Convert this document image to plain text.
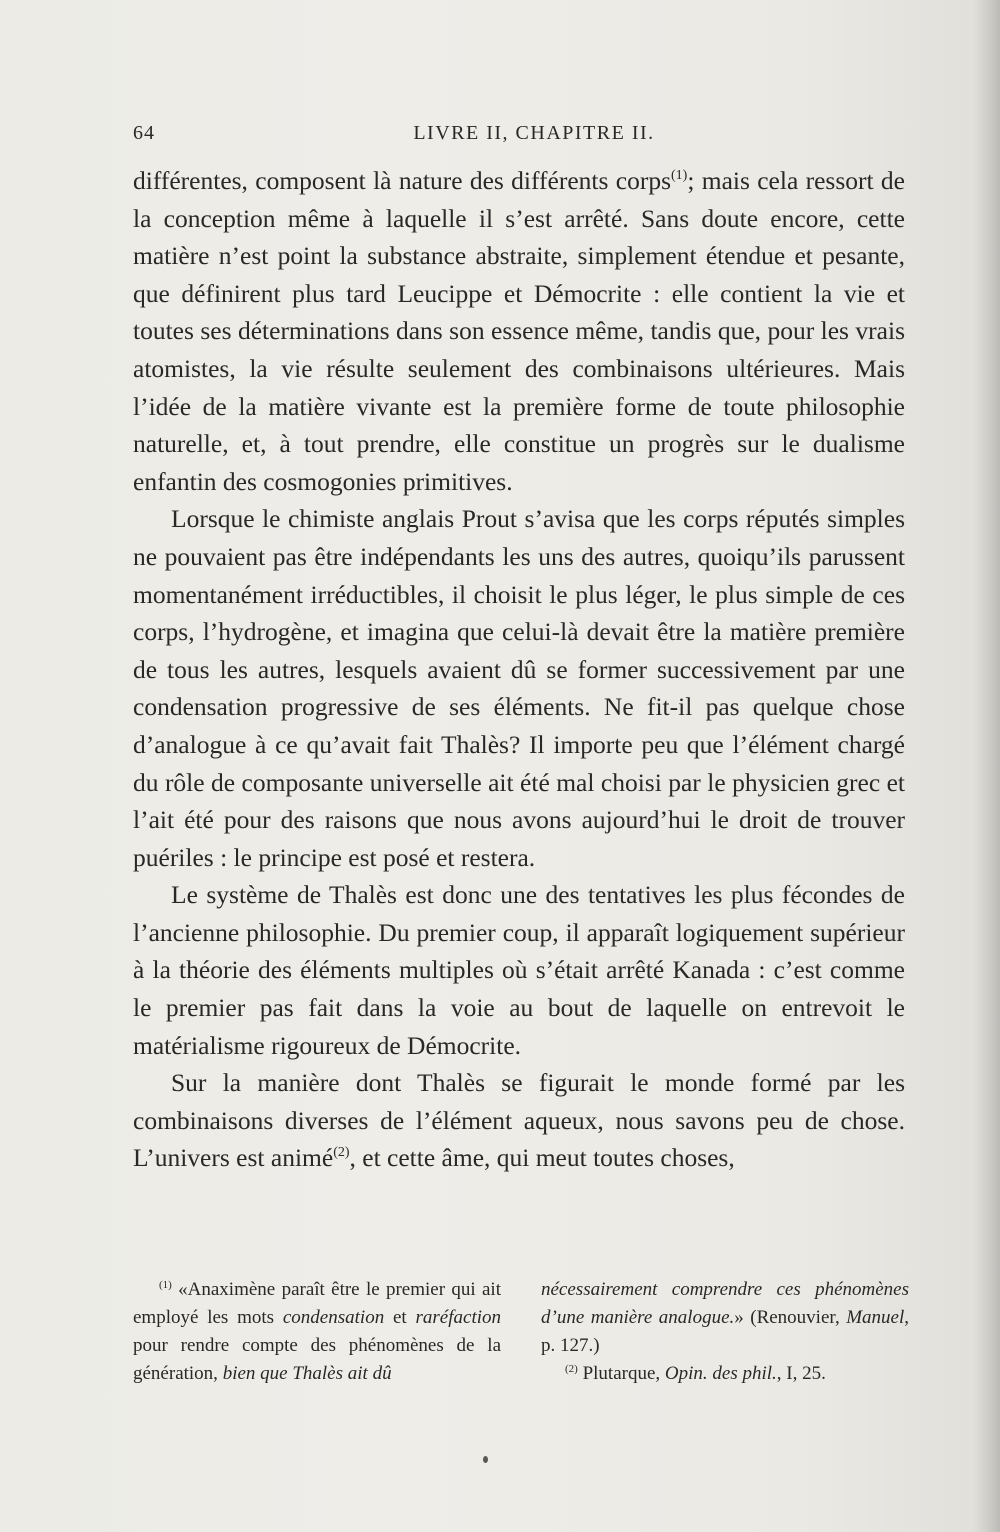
64	LIVRE II, CHAPITRE II.

différentes, composent là nature des différents corps$^{(1)}$; mais cela ressort de la conception même à laquelle il s’est arrêté. Sans doute encore, cette matière n’est point la substance abstraite, simplement étendue et pesante, que définirent plus tard Leucippe et Démocrite : elle contient la vie et toutes ses déterminations dans son essence même, tandis que, pour les vrais atomistes, la vie résulte seulement des combinaisons ultérieures. Mais l’idée de la matière vivante est la première forme de toute philosophie naturelle, et, à tout prendre, elle constitue un progrès sur le dualisme enfantin des cosmogonies primitives.

Lorsque le chimiste anglais Prout s’avisa que les corps réputés simples ne pouvaient pas être indépendants les uns des autres, quoiqu’ils parussent momentanément irréductibles, il choisit le plus léger, le plus simple de ces corps, l’hydrogène, et imagina que celui-là devait être la matière première de tous les autres, lesquels avaient dû se former successivement par une condensation progressive de ses éléments. Ne fit-il pas quelque chose d’analogue à ce qu’avait fait Thalès? Il importe peu que l’élément chargé du rôle de composante universelle ait été mal choisi par le physicien grec et l’ait été pour des raisons que nous avons aujourd’hui le droit de trouver puériles : le principe est posé et restera.

Le système de Thalès est donc une des tentatives les plus fécondes de l’ancienne philosophie. Du premier coup, il apparaît logiquement supérieur à la théorie des éléments multiples où s’était arrêté Kanada : c’est comme le premier pas fait dans la voie au bout de laquelle on entrevoit le matérialisme rigoureux de Démocrite.

Sur la manière dont Thalès se figurait le monde formé par les combinaisons diverses de l’élément aqueux, nous savons peu de chose. L’univers est animé$^{(2)}$, et cette âme, qui meut toutes choses,

$^{(1)}$ «Anaximène paraît être le premier qui ait employé les mots condensation et raréfaction pour rendre compte des phénomènes de la génération, bien que Thalès ait dû

nécessairement comprendre ces phénomènes d’une manière analogue.» (Renouvier, Manuel, p. 127.)

$^{(2)}$ Plutarque, Opin. des phil., I, 25.
